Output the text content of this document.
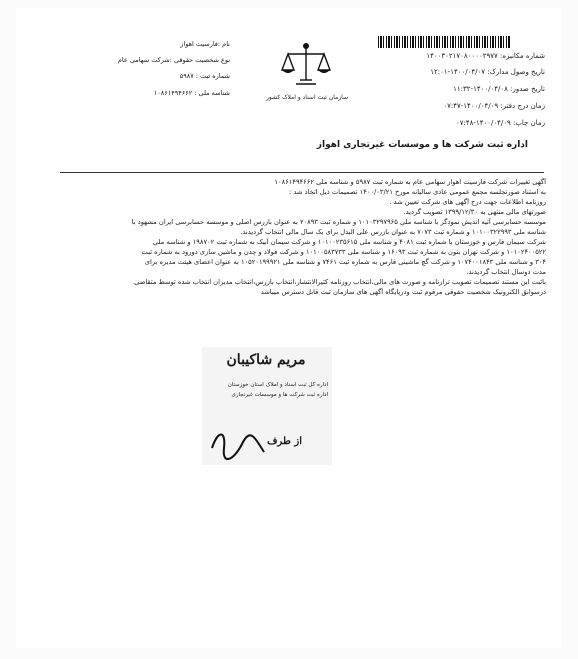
شماره مکانیزه: ۱۴۰۰۳۰۲۱۷۰۸۰۰۰۰۲۹۷۷
تاریخ وصول مدارک: ۱۴۰۰/۰۴/۰۷-۱۲:۰۱
تاریخ صدور: ۱۴۰۰/۰۴/۰۸-۱۱:۳۲
زمان درج دفتر: ۱۴۰۰/۰۴/۰۹-۰۷:۴۷
زمان چاپ: ۱۴۰۰/۰۴/۰۹-۰۷:۴۸
اداره ثبت شرکت ها و موسسات غیرتجاری اهواز
سازمان ثبت اسناد و املاک کشور
نام :فارسیت اهواز
نوع شخصیت حقوقی :شرکت سهامی عام
شماره ثبت : ۵۹۸۷
شناسه ملی : ۱۰۸۶۱۴۹۴۶۶۲
آگهی تغییرات شرکت فارسیت اهواز سهامی عام به شماره ثبت ۵۹۸۷ و شناسه ملی ۱۰۸۶۱۴۹۴۶۶۲
به استناد صورتجلسه مجمع عمومی عادی سالیانه مورخ ۱۴۰۰/۰۳/۲۱ تصمیمات ذیل اتخاذ شد :
روزنامه اطلاعات جهت درج آگهی های شرکت تعیین شد .
صورتهای مالی منتهی به ۱۳۹۹/۱۲/۳۰ تصویب گردید.
موسسه حسابرسی آتیه اندیش نمودگر با شناسه ملی ۱۰۱۰۳۲۹۷۹۶۵ و شماره ثبت ۲۰۸۹۳ به عنوان بازرس اصلی و موسسه حسابرسی ایران مشهود با
شناسه ملی ۱۰۱۰۰۳۲۲۹۹۳ و شماره ثبت ۷۰۷۳ به عنوان بازرس علی البدل برای یک سال مالی انتخاب گردیدند.
شرکت سیمان فارس و خوزستان با شماره ثبت ۴۰۸۱ و شناسه ملی ۱۰۱۰۰۲۳۵۶۱۵ و شرکت سیمان آبیک به شماره ثبت ۱۹۸۷۰۲ و شناسه ملی
۱۰۱۰۲۴۰۰۵۲۲ و شرکت تهران بتون به شماره ثبت ۱۶۰۹۳ و شناسه ملی ۱۰۱۰۰۵۸۳۷۳۳ و شرکت فولاد و چدن و ماشین سازی دورود به شماره ثبت
۳۰۴ و شناسه ملی ۱۰۷۴۰۰۱۸۴۳ و شرکت گچ ماشینی فارس به شماره ثبت ۷۴۶۱ و شناسه ملی ۱۰۵۲۰۱۹۹۹۲۱ به عنوان اعضای هیئت مدیره برای
مدت دوسال انتخاب گردیدند.
باثبت این مستند تصمیمات تصویب ترازنامه و صورت های مالی،انتخاب روزنامه کثیرالانتشار،انتخاب بازرس،انتخاب مدیران انتخاب شده توسط متقاضی
درسوابق الکترونیک شخصیت حقوقی مرقوم ثبت ودرپایگاه آگهی های سازمان ثبت قابل دسترس میباشد
مریم شاکیبان
اداره کل ثبت اسناد و املاک استان خوزستان
اداره ثبت شرکت ها و موسسات غیرتجاری
از طرف
